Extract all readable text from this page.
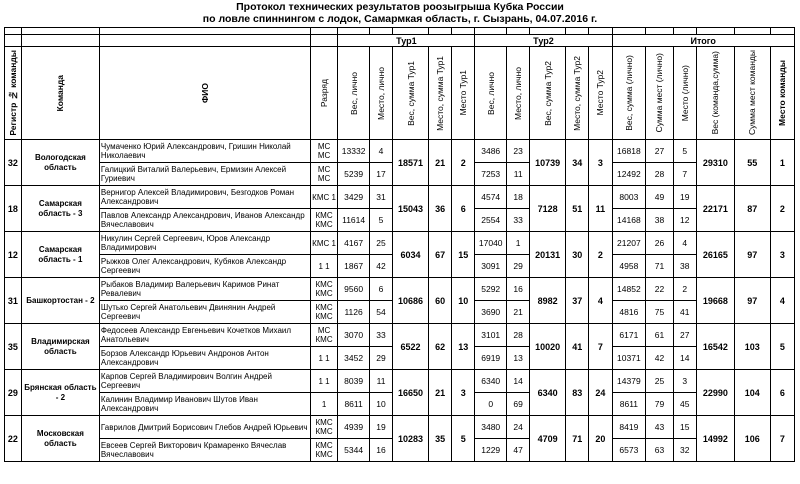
Протокол технических результатов роозыгрыша Кубка России
по ловле спиннингом с лодок, Самармкая область, г. Сызрань, 04.07.2016 г.

				Тур1					Тур2					Итого					

Регистр № команды	Команда	ФИО	Разряд	Вес, лично	Место, лично	Вес, сумма Тур1	Место, сумма Тур1	Место Тур1	Вес, лично	Место, лично	Вес, сумма Тур2	Место, сумма Тур2	Место Тур2	Вес, сумма (лично)	Сумма мест (лично)	Место (лично)	Вес (команда,сумма)	Сумма мест команды	Место команды

32	Вологодская область	Чумаченко Юрий Александрович, Гришин Николай Николаевич	МС МС	13332	4	18571	21	2	3486	23	10739	34	3	16818	27	5	29310	55	1
		Галицкий Виталий Валерьевич, Ермизин Алексей Гуриевич	МС МС	5239	17				7253	11				12492	28	7			
18	Самарская область - 3	Вернигор Алексей Владимирович, Безгодков Роман Александрович	КМС 1	3429	31	15043	36	6	4574	18	7128	51	11	8003	49	19	22171	87	2
		Павлов Александр Александрович, Иванов Александр Вячеславович	КМС КМС	11614	5				2554	33				14168	38	12			
12	Самарская область - 1	Никулин Сергей Сергеевич, Юров Александр Владимирович	КМС 1	4167	25	6034	67	15	17040	1	20131	30	2	21207	26	4	26165	97	3
		Рыжков Олег Александрович, Кубяков Александр Сергеевич	1 1	1867	42				3091	29				4958	71	38			
31	Башкортостан - 2	Рыбаков Владимир Валерьевич Каримов Ринат Ревалевич	КМС КМС	9560	6	10686	60	10	5292	16	8982	37	4	14852	22	2	19668	97	4
		Шутько Сергей Анатольевич Двинянин Андрей Сергеевич	КМС КМС	1126	54				3690	21				4816	75	41			
35	Владимирская область	Федосеев Александр Евгеньевич Кочетков Михаил Анатольевич	МС КМС	3070	33	6522	62	13	3101	28	10020	41	7	6171	61	27	16542	103	5
		Борзов Александр Юрьевич Андронов Антон Александрович	1 1	3452	29				6919	13				10371	42	14			
29	Брянская область - 2	Карпов Сергей Владимирович Волгин Андрей Сергеевич	1 1	8039	11	16650	21	3	6340	14	6340	83	24	14379	25	3	22990	104	6
		Калинин Владимир Иванович Шутов Иван Александрович	1	8611	10				0	69				8611	79	45			
22	Московская область	Гаврилов Дмитрий Борисович Глебов Андрей Юрьевич	КМС КМС	4939	19	10283	35	5	3480	24	4709	71	20	8419	43	15	14992	106	7
		Евсеев Сергей Викторович Крамаренко Вячеслав Вячеславович	КМС КМС	5344	16				1229	47				6573	63	32			
